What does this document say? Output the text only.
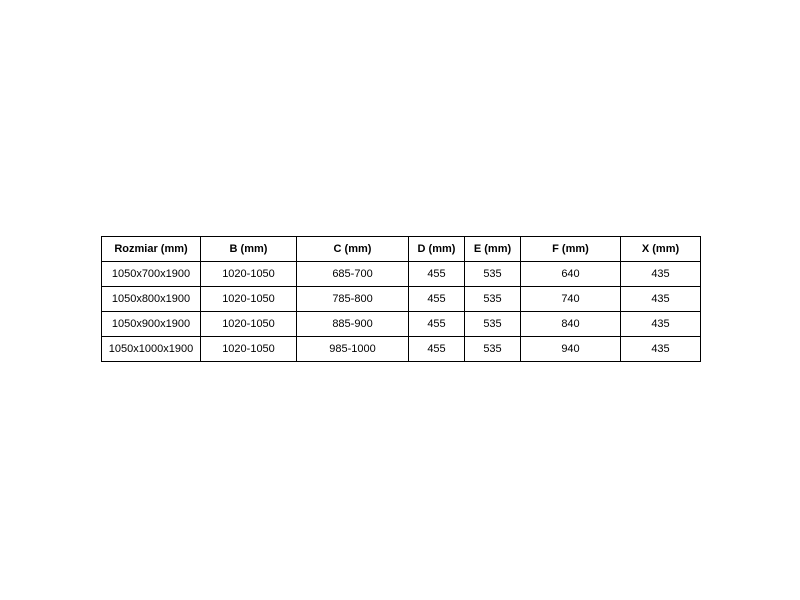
Rozmiar (mm)	B (mm)	C (mm)	D (mm)	E (mm)	F (mm)	X (mm)
1050x700x1900	1020-1050	685-700	455	535	640	435
1050x800x1900	1020-1050	785-800	455	535	740	435
1050x900x1900	1020-1050	885-900	455	535	840	435
1050x1000x1900	1020-1050	985-1000	455	535	940	435
